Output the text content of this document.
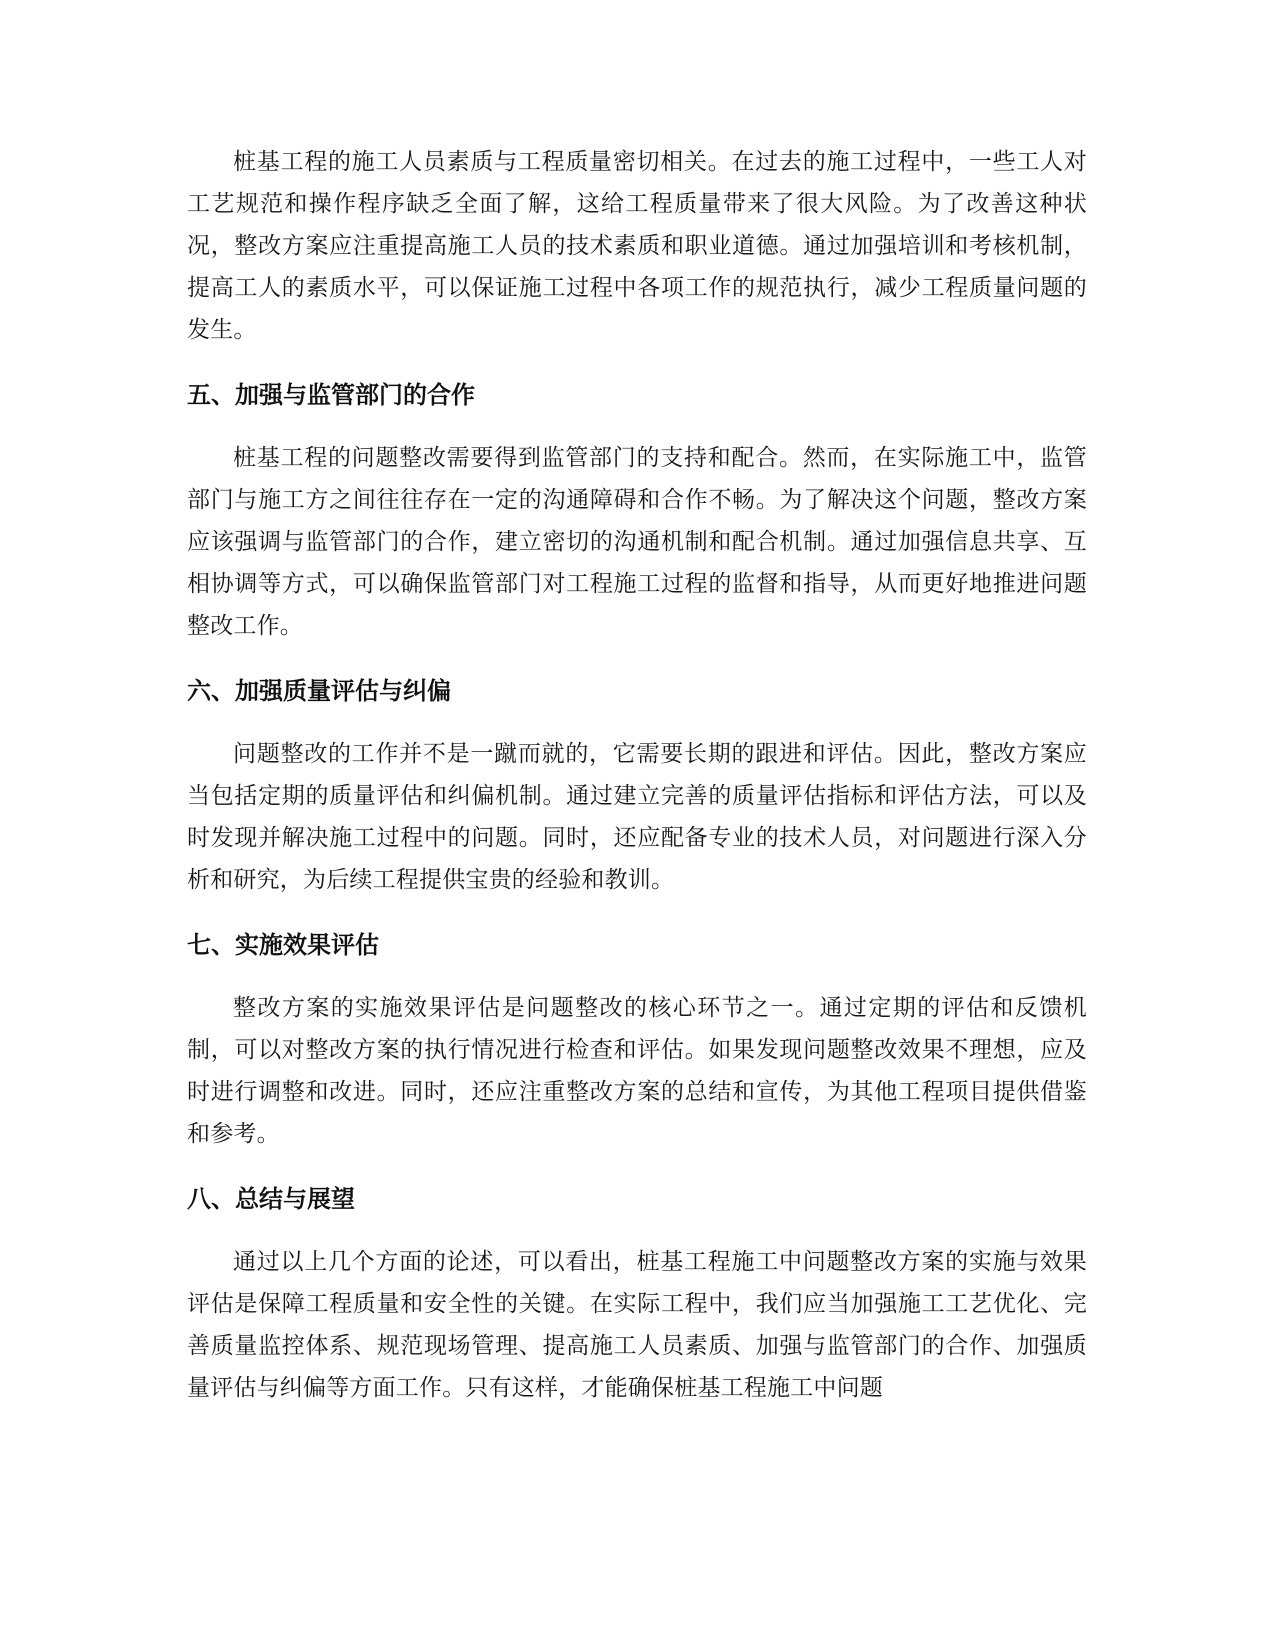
桩基工程的施工人员素质与工程质量密切相关。在过去的施工过程中，一些工人对工艺规范和操作程序缺乏全面了解，这给工程质量带来了很大风险。为了改善这种状况，整改方案应注重提高施工人员的技术素质和职业道德。通过加强培训和考核机制，提高工人的素质水平，可以保证施工过程中各项工作的规范执行，减少工程质量问题的发生。

五、加强与监管部门的合作

桩基工程的问题整改需要得到监管部门的支持和配合。然而，在实际施工中，监管部门与施工方之间往往存在一定的沟通障碍和合作不畅。为了解决这个问题，整改方案应该强调与监管部门的合作，建立密切的沟通机制和配合机制。通过加强信息共享、互相协调等方式，可以确保监管部门对工程施工过程的监督和指导，从而更好地推进问题整改工作。

六、加强质量评估与纠偏

问题整改的工作并不是一蹴而就的，它需要长期的跟进和评估。因此，整改方案应当包括定期的质量评估和纠偏机制。通过建立完善的质量评估指标和评估方法，可以及时发现并解决施工过程中的问题。同时，还应配备专业的技术人员，对问题进行深入分析和研究，为后续工程提供宝贵的经验和教训。

七、实施效果评估

整改方案的实施效果评估是问题整改的核心环节之一。通过定期的评估和反馈机制，可以对整改方案的执行情况进行检查和评估。如果发现问题整改效果不理想，应及时进行调整和改进。同时，还应注重整改方案的总结和宣传，为其他工程项目提供借鉴和参考。

八、总结与展望

通过以上几个方面的论述，可以看出，桩基工程施工中问题整改方案的实施与效果评估是保障工程质量和安全性的关键。在实际工程中，我们应当加强施工工艺优化、完善质量监控体系、规范现场管理、提高施工人员素质、加强与监管部门的合作、加强质量评估与纠偏等方面工作。只有这样，才能确保桩基工程施工中问题
